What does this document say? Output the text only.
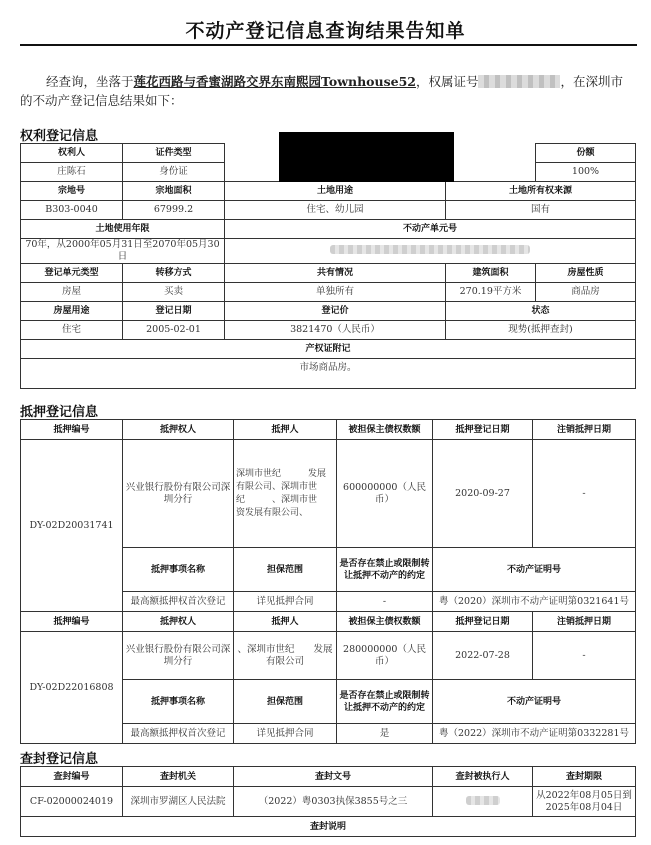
不动产登记信息查询结果告知单
经查询，坐落于莲花西路与香蜜湖路交界东南熙园Townhouse52，权属证号	，在深圳市的不动产登记信息结果如下：
权利登记信息
权利人	证件类型			份额
庄陈石	身份证			100%
宗地号	宗地面积	土地用途	土地所有权来源	
B303-0040	67999.2	住宅、幼儿园	国有	
土地使用年限		不动产单元号		
70年，从2000年05月31日至2070年05月30日				
登记单元类型	转移方式	共有情况	建筑面积	房屋性质
房屋	买卖	单独所有	270.19平方米	商品房
房屋用途	登记日期	登记价	状态	
住宅	2005-02-01	3821470（人民币）	现势(抵押查封)	
产权证附记				
市场商品房。				
抵押登记信息
抵押编号	抵押权人	抵押人	被担保主债权数额	抵押登记日期	注销抵押日期
DY-02D20031741	兴业银行股份有限公司深圳分行	深圳市世纪　　　发展有限公司、深圳市世纪　　　、深圳市世　　　资发展有限公司、	600000000（人民币）	2020-09-27	-
	抵押事项名称	担保范围	是否存在禁止或限制转让抵押不动产的约定	不动产证明号	
	最高额抵押权首次登记	详见抵押合同	-	粤（2020）深圳市不动产证明第0321641号	
抵押编号	抵押权人	抵押人	被担保主债权数额	抵押登记日期	注销抵押日期
DY-02D22016808	兴业银行股份有限公司深圳分行	、深圳市世纪　　发展有限公司	280000000（人民币）	2022-07-28	-
	抵押事项名称	担保范围	是否存在禁止或限制转让抵押不动产的约定	不动产证明号	
	最高额抵押权首次登记	详见抵押合同	是	粤（2022）深圳市不动产证明第0332281号	
查封登记信息
查封编号	查封机关	查封文号	查封被执行人	查封期限
CF-02000024019	深圳市罗湖区人民法院	（2022）粤0303执保3855号之三		从2022年08月05日到2025年08月04日
查封说明				
